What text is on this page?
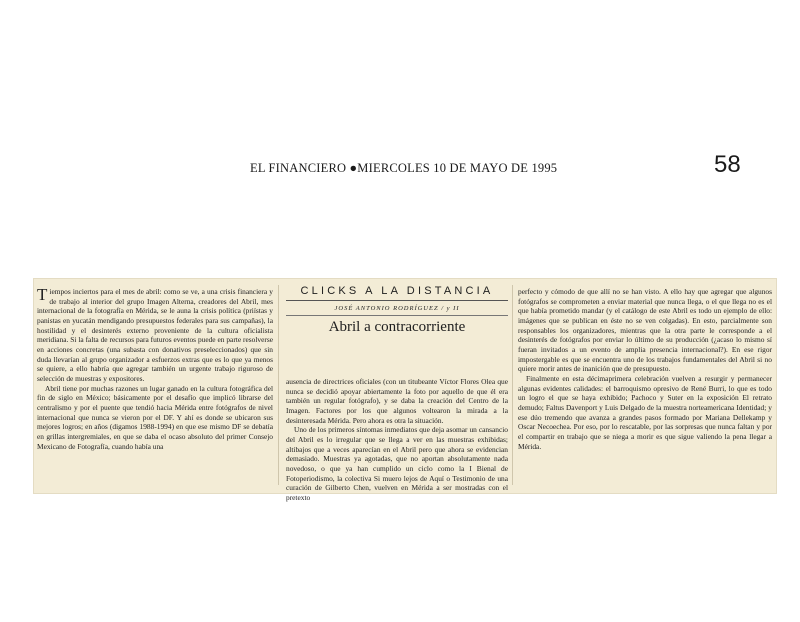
EL FINANCIERO ●MIERCOLES 10 DE MAYO DE 1995	58

Tiempos inciertos para el mes de abril: como se ve, a una crisis financiera y de trabajo al interior del grupo Imagen Alterna, creadores del Abril, mes internacional de la fotografía en Mérida, se le auna la crisis política (priístas y panistas en yucatán mendigando presupuestos federales para sus campañas), la hostilidad y el desinterés externo proveniente de la cultura oficialista meridiana. Si la falta de recursos para futuros eventos puede en parte resolverse en acciones concretas (una subasta con donativos preseleccionados) que sin duda llevarían al grupo organizador a esfuerzos extras que es lo que ya menos se quiere, a ello habría que agregar también un urgente trabajo riguroso de selección de muestras y expositores.

Abril tiene por muchas razones un lugar ganado en la cultura fotográfica del fin de siglo en México; básicamente por el desafío que implicó librarse del centralismo y por el puente que tendió hacia Mérida entre fotógrafos de nivel internacional que nunca se vieron por el DF. Y ahí es donde se ubicaron sus mejores logros; en años (digamos 1988-1994) en que ese mismo DF se debatía en grillas intergremiales, en que se daba el ocaso absoluto del primer Consejo Mexicano de Fotografía, cuando había una

CLICKS A LA DISTANCIA
JOSÉ ANTONIO RODRÍGUEZ / y II
Abril a contracorriente

ausencia de directrices oficiales (con un titubeante Víctor Flores Olea que nunca se decidió apoyar abiertamente la foto por aquello de que él era también un regular fotógrafo), y se daba la creación del Centro de la Imagen. Factores por los que algunos voltearon la mirada a la desinteresada Mérida. Pero ahora es otra la situación.

Uno de los primeros síntomas inmediatos que deja asomar un cansancio del Abril es lo irregular que se llega a ver en las muestras exhibidas; altibajos que a veces aparecían en el Abril pero que ahora se evidencian demasiado. Muestras ya agotadas, que no aportan absolutamente nada novedoso, o que ya han cumplido un ciclo como la I Bienal de Fotoperiodismo, la colectiva Si muero lejos de Aquí o Testimonio de una curación de Gilberto Chen, vuelven en Mérida a ser mostradas con el pretexto

perfecto y cómodo de que allí no se han visto. A ello hay que agregar que algunos fotógrafos se comprometen a enviar material que nunca llega, o el que llega no es el que había prometido mandar (y el catálogo de este Abril es todo un ejemplo de ello: imágenes que se publican en éste no se ven colgadas). En esto, parcialmente son responsables los organizadores, mientras que la otra parte le corresponde a el desinterés de fotógrafos por enviar lo último de su producción (¿acaso lo mismo sí fueran invitados a un evento de amplia presencia internacional?). En ese rigor impostergable es que se encuentra uno de los trabajos fundamentales del Abril si no quiere morir antes de inanición que de presupuesto.

Finalmente en esta décimaprimera celebración vuelven a resurgir y permanecer algunas evidentes calidades: el barroquismo opresivo de René Burri, lo que es todo un logro el que se haya exhibido; Pachoco y Suter en la exposición El retrato demudo; Faltus Davenport y Luis Delgado de la muestra norteamericana Identidad; y ese dúo tremendo que avanza a grandes pasos formado por Mariana Dellekamp y Oscar Necoechea. Por eso, por lo rescatable, por las sorpresas que nunca faltan y por el compartir en trabajo que se niega a morir es que sigue valiendo la pena llegar a Mérida.
